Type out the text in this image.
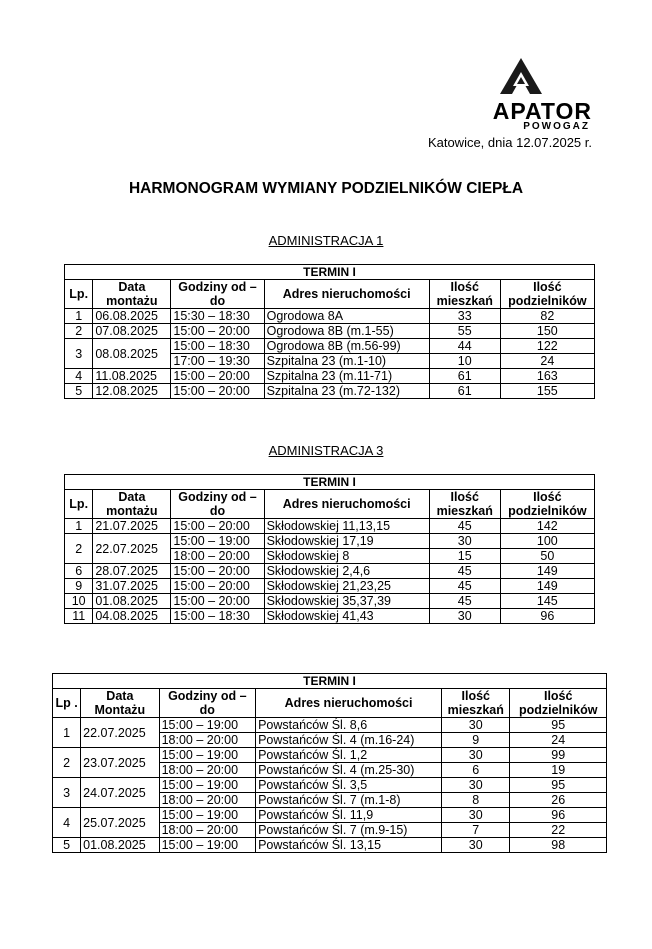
APATOR
POWOGAZ
Katowice, dnia 12.07.2025 r.
HARMONOGRAM WYMIANY PODZIELNIKÓW CIEPŁA
ADMINISTRACJA 1
TERMIN I					
Lp.	Data montażu	Godziny od – do	Adres nieruchomości	Ilość mieszkań	Ilość podzielników
1	06.08.2025	15:30 – 18:30	Ogrodowa 8A	33	82
2	07.08.2025	15:00 – 20:00	Ogrodowa 8B (m.1-55)	55	150
3	08.08.2025	15:00 – 18:30	Ogrodowa 8B (m.56-99)	44	122
		17:00 – 19:30	Szpitalna 23 (m.1-10)	10	24
4	11.08.2025	15:00 – 20:00	Szpitalna 23 (m.11-71)	61	163
5	12.08.2025	15:00 – 20:00	Szpitalna 23 (m.72-132)	61	155
ADMINISTRACJA 3
TERMIN I					
Lp.	Data montażu	Godziny od – do	Adres nieruchomości	Ilość mieszkań	Ilość podzielników
1	21.07.2025	15:00 – 20:00	Skłodowskiej 11,13,15	45	142
2	22.07.2025	15:00 – 19:00	Skłodowskiej 17,19	30	100
		18:00 – 20:00	Skłodowskiej 8	15	50
6	28.07.2025	15:00 – 20:00	Skłodowskiej 2,4,6	45	149
9	31.07.2025	15:00 – 20:00	Skłodowskiej 21,23,25	45	149
10	01.08.2025	15:00 – 20:00	Skłodowskiej 35,37,39	45	145
11	04.08.2025	15:00 – 18:30	Skłodowskiej 41,43	30	96
TERMIN I					
Lp .	Data Montażu	Godziny od – do	Adres nieruchomości	Ilość mieszkań	Ilość podzielników
1	22.07.2025	15:00 – 19:00	Powstańców Śl. 8,6	30	95
		18:00 – 20:00	Powstańców Śl. 4 (m.16-24)	9	24
2	23.07.2025	15:00 – 19:00	Powstańców Śl. 1,2	30	99
		18:00 – 20:00	Powstańców Śl. 4 (m.25-30)	6	19
3	24.07.2025	15:00 – 19:00	Powstańców Śl. 3,5	30	95
		18:00 – 20:00	Powstańców Śl. 7 (m.1-8)	8	26
4	25.07.2025	15:00 – 19:00	Powstańców Śl. 11,9	30	96
		18:00 – 20:00	Powstańców Śl. 7 (m.9-15)	7	22
5	01.08.2025	15:00 – 19:00	Powstańców Śl. 13,15	30	98
